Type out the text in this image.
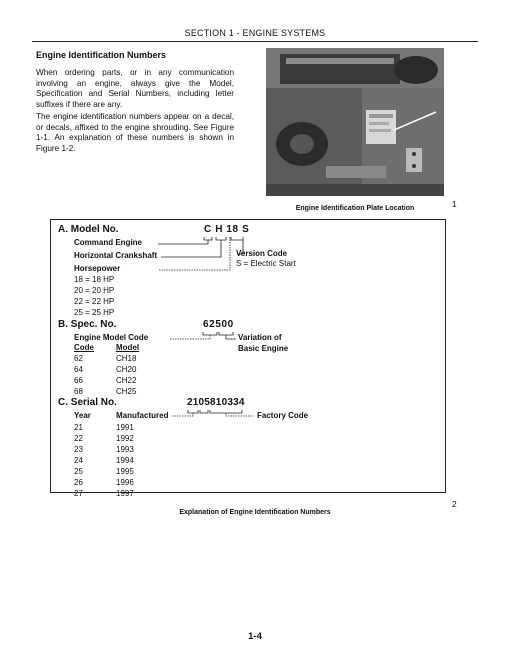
SECTION 1 - ENGINE SYSTEMS
Engine Identification Numbers
When ordering parts, or in any communication involving an engine, always give the Model, Specification and Serial Numbers, including letter suffixes if there are any.
The engine identification numbers appear on a decal, or decals, affixed to the engine shrouding. See Figure 1-1. An explanation of these numbers is shown in Figure 1-2.
1
Engine Identification Plate Location
A. Model No.	C H 18 S
Command Engine
Horizontal Crankshaft
Horsepower
18 = 18 HP
20 = 20 HP
22 = 22 HP
25 = 25 HP
Version Code
S = Electric Start
B. Spec. No.	62500
Engine Model Code
Code	Model
62	CH18
64	CH20
66	CH22
68	CH25
Variation of
Basic Engine
C. Serial No.	2105810334
Year	Manufactured	Factory Code
21	1991
22	1992
23	1993
24	1994
25	1995
26	1996
27	1997
2
Explanation of Engine Identification Numbers
1-4
